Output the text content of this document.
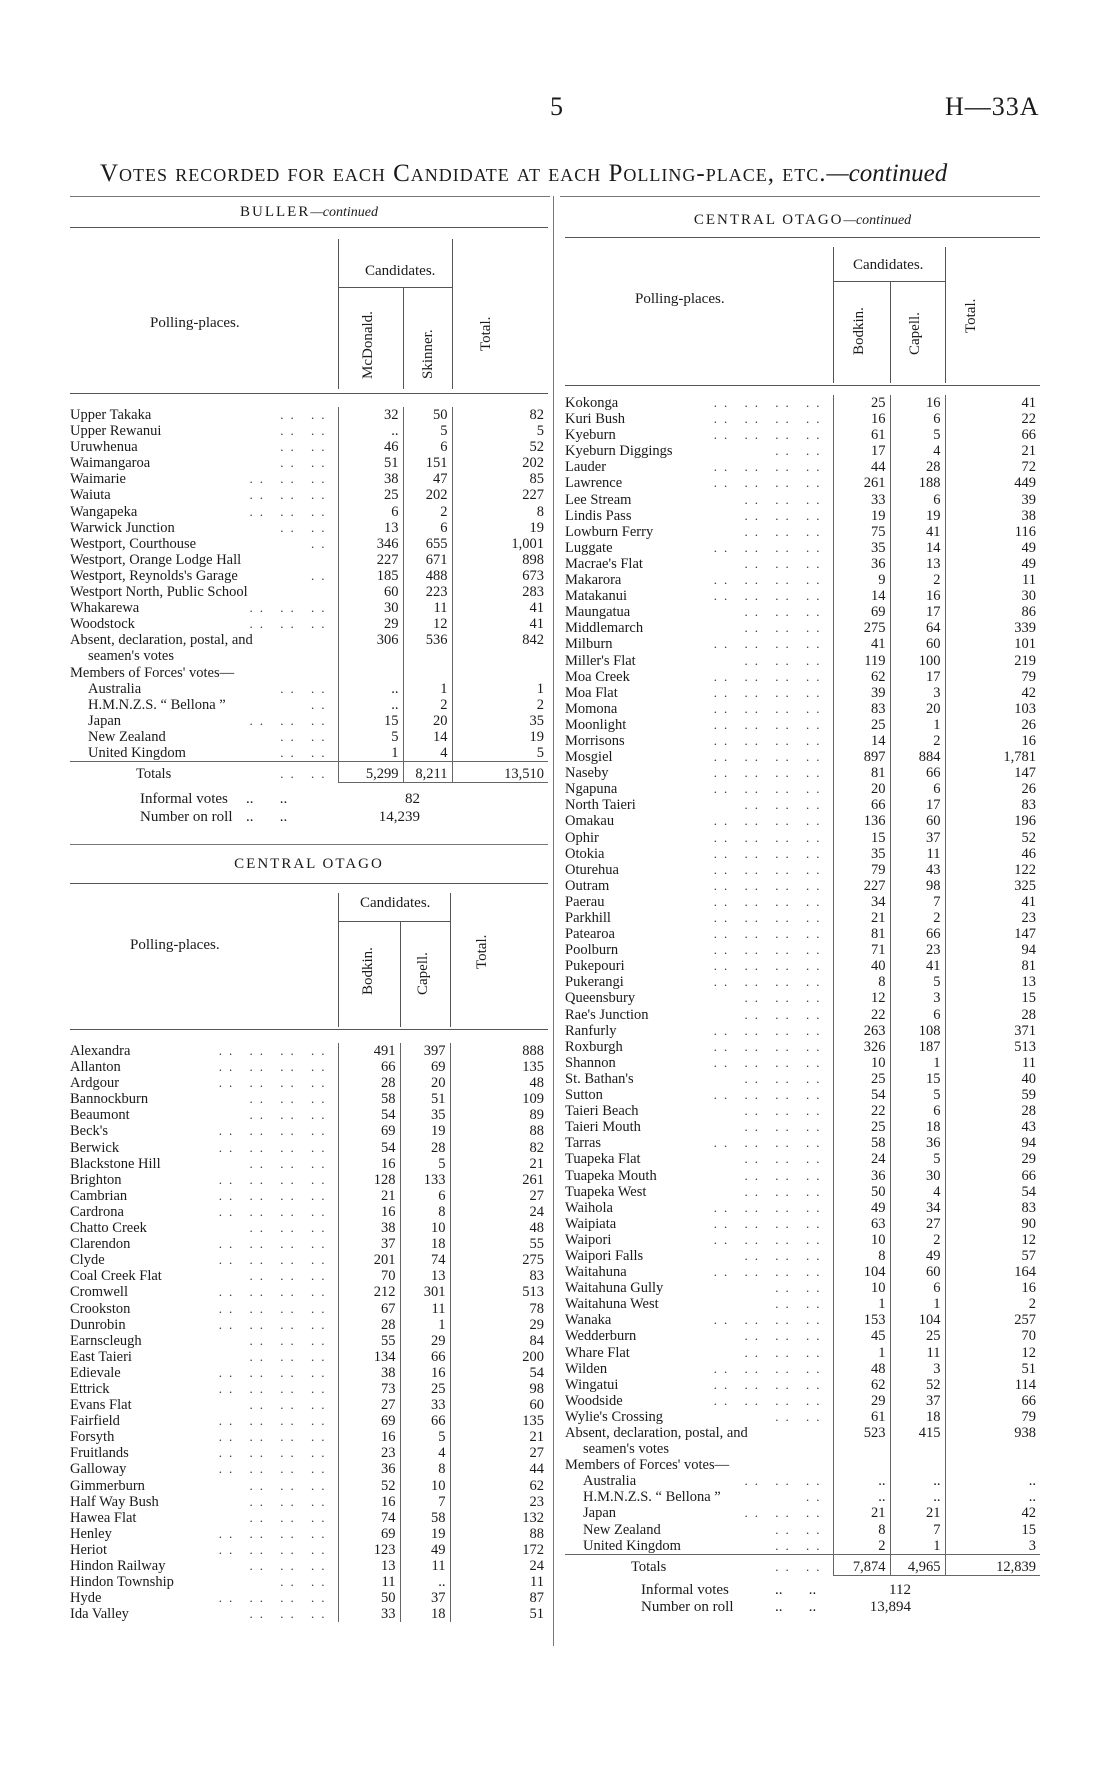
5	H—33A
Votes recorded for each Candidate at each Polling-place, etc.—continued
BULLER—continued
Polling-places.
Candidates.
McDonald.	Skinner.	Total.
Upper Takaka .. ..	32	50	82
Upper Rewanui .. ..	..	5	5
Uruwhenua .. ..	46	6	52
Waimangaroa .. ..	51	151	202
Waimarie .. .. ..	38	47	85
Waiuta .. .. ..	25	202	227
Wangapeka .. .. ..	6	2	8
Warwick Junction .. ..	13	6	19
Westport, Courthouse ..	346	655	1,001
Westport, Orange Lodge Hall	227	671	898
Westport, Reynolds's Garage ..	185	488	673
Westport North, Public School	60	223	283
Whakarewa .. .. ..	30	11	41
Woodstock .. .. ..	29	12	41
Absent, declaration, postal, and	306	536	842
seamen's votes			
Members of Forces' votes—			
Australia .. ..	..	1	1
H.M.N.Z.S. “ Bellona ” ..	..	2	2
Japan .. .. ..	15	20	35
New Zealand .. ..	5	14	19
United Kingdom .. ..	1	4	5
Totals .. ..	5,299	8,211	13,510
Informal votes ..       ..	82
Number on roll ..       ..	14,239
CENTRAL OTAGO
Polling-places.
Candidates.
Bodkin.	Capell.
Total.
Alexandra .. .. .. ..	491	397	888
Allanton .. .. .. ..	66	69	135
Ardgour .. .. .. ..	28	20	48
Bannockburn .. .. ..	58	51	109
Beaumont .. .. ..	54	35	89
Beck's .. .. .. ..	69	19	88
Berwick .. .. .. ..	54	28	82
Blackstone Hill .. .. ..	16	5	21
Brighton .. .. .. ..	128	133	261
Cambrian .. .. .. ..	21	6	27
Cardrona .. .. .. ..	16	8	24
Chatto Creek .. .. ..	38	10	48
Clarendon .. .. .. ..	37	18	55
Clyde .. .. .. ..	201	74	275
Coal Creek Flat .. .. ..	70	13	83
Cromwell .. .. .. ..	212	301	513
Crookston .. .. .. ..	67	11	78
Dunrobin .. .. .. ..	28	1	29
Earnscleugh .. .. ..	55	29	84
East Taieri .. .. ..	134	66	200
Edievale .. .. .. ..	38	16	54
Ettrick .. .. .. ..	73	25	98
Evans Flat .. .. ..	27	33	60
Fairfield .. .. .. ..	69	66	135
Forsyth .. .. .. ..	16	5	21
Fruitlands .. .. .. ..	23	4	27
Galloway .. .. .. ..	36	8	44
Gimmerburn .. .. ..	52	10	62
Half Way Bush .. .. ..	16	7	23
Hawea Flat .. .. ..	74	58	132
Henley .. .. .. ..	69	19	88
Heriot .. .. .. ..	123	49	172
Hindon Railway .. .. ..	13	11	24
Hindon Township .. ..	11	..	11
Hyde .. .. .. ..	50	37	87
Ida Valley .. .. ..	33	18	51
CENTRAL OTAGO—continued
Polling-places.
Candidates.
Bodkin.	Capell.	Total.
Kokonga .. .. .. ..	25	16	41
Kuri Bush .. .. .. ..	16	6	22
Kyeburn .. .. .. ..	61	5	66
Kyeburn Diggings .. ..	17	4	21
Lauder .. .. .. ..	44	28	72
Lawrence .. .. .. ..	261	188	449
Lee Stream .. .. ..	33	6	39
Lindis Pass .. .. ..	19	19	38
Lowburn Ferry .. .. ..	75	41	116
Luggate .. .. .. ..	35	14	49
Macrae's Flat .. .. ..	36	13	49
Makarora .. .. .. ..	9	2	11
Matakanui .. .. .. ..	14	16	30
Maungatua .. .. ..	69	17	86
Middlemarch .. .. ..	275	64	339
Milburn .. .. .. ..	41	60	101
Miller's Flat .. .. ..	119	100	219
Moa Creek .. .. .. ..	62	17	79
Moa Flat .. .. .. ..	39	3	42
Momona .. .. .. ..	83	20	103
Moonlight .. .. .. ..	25	1	26
Morrisons .. .. .. ..	14	2	16
Mosgiel .. .. .. ..	897	884	1,781
Naseby .. .. .. ..	81	66	147
Ngapuna .. .. .. ..	20	6	26
North Taieri .. .. ..	66	17	83
Omakau .. .. .. ..	136	60	196
Ophir .. .. .. ..	15	37	52
Otokia .. .. .. ..	35	11	46
Oturehua .. .. .. ..	79	43	122
Outram .. .. .. ..	227	98	325
Paerau .. .. .. ..	34	7	41
Parkhill .. .. .. ..	21	2	23
Patearoa .. .. .. ..	81	66	147
Poolburn .. .. .. ..	71	23	94
Pukepouri .. .. .. ..	40	41	81
Pukerangi .. .. .. ..	8	5	13
Queensbury .. .. ..	12	3	15
Rae's Junction .. .. ..	22	6	28
Ranfurly .. .. .. ..	263	108	371
Roxburgh .. .. .. ..	326	187	513
Shannon .. .. .. ..	10	1	11
St. Bathan's .. .. ..	25	15	40
Sutton .. .. .. ..	54	5	59
Taieri Beach .. .. ..	22	6	28
Taieri Mouth .. .. ..	25	18	43
Tarras .. .. .. ..	58	36	94
Tuapeka Flat .. .. ..	24	5	29
Tuapeka Mouth .. .. ..	36	30	66
Tuapeka West .. .. ..	50	4	54
Waihola .. .. .. ..	49	34	83
Waipiata .. .. .. ..	63	27	90
Waipori .. .. .. ..	10	2	12
Waipori Falls .. .. ..	8	49	57
Waitahuna .. .. .. ..	104	60	164
Waitahuna Gully .. ..	10	6	16
Waitahuna West .. ..	1	1	2
Wanaka .. .. .. ..	153	104	257
Wedderburn .. .. ..	45	25	70
Whare Flat .. .. ..	1	11	12
Wilden .. .. .. ..	48	3	51
Wingatui .. .. .. ..	62	52	114
Woodside .. .. .. ..	29	37	66
Wylie's Crossing .. ..	61	18	79
Absent, declaration, postal, and	523	415	938
seamen's votes			
Members of Forces' votes—			
Australia .. .. ..	..	..	..
H.M.N.Z.S. “ Bellona ” ..	..	..	..
Japan .. .. ..	21	21	42
New Zealand .. ..	8	7	15
United Kingdom .. ..	2	1	3
Totals .. ..	7,874	4,965	12,839
Informal votes	..       ..	112
Number on roll	..       ..	13,894
